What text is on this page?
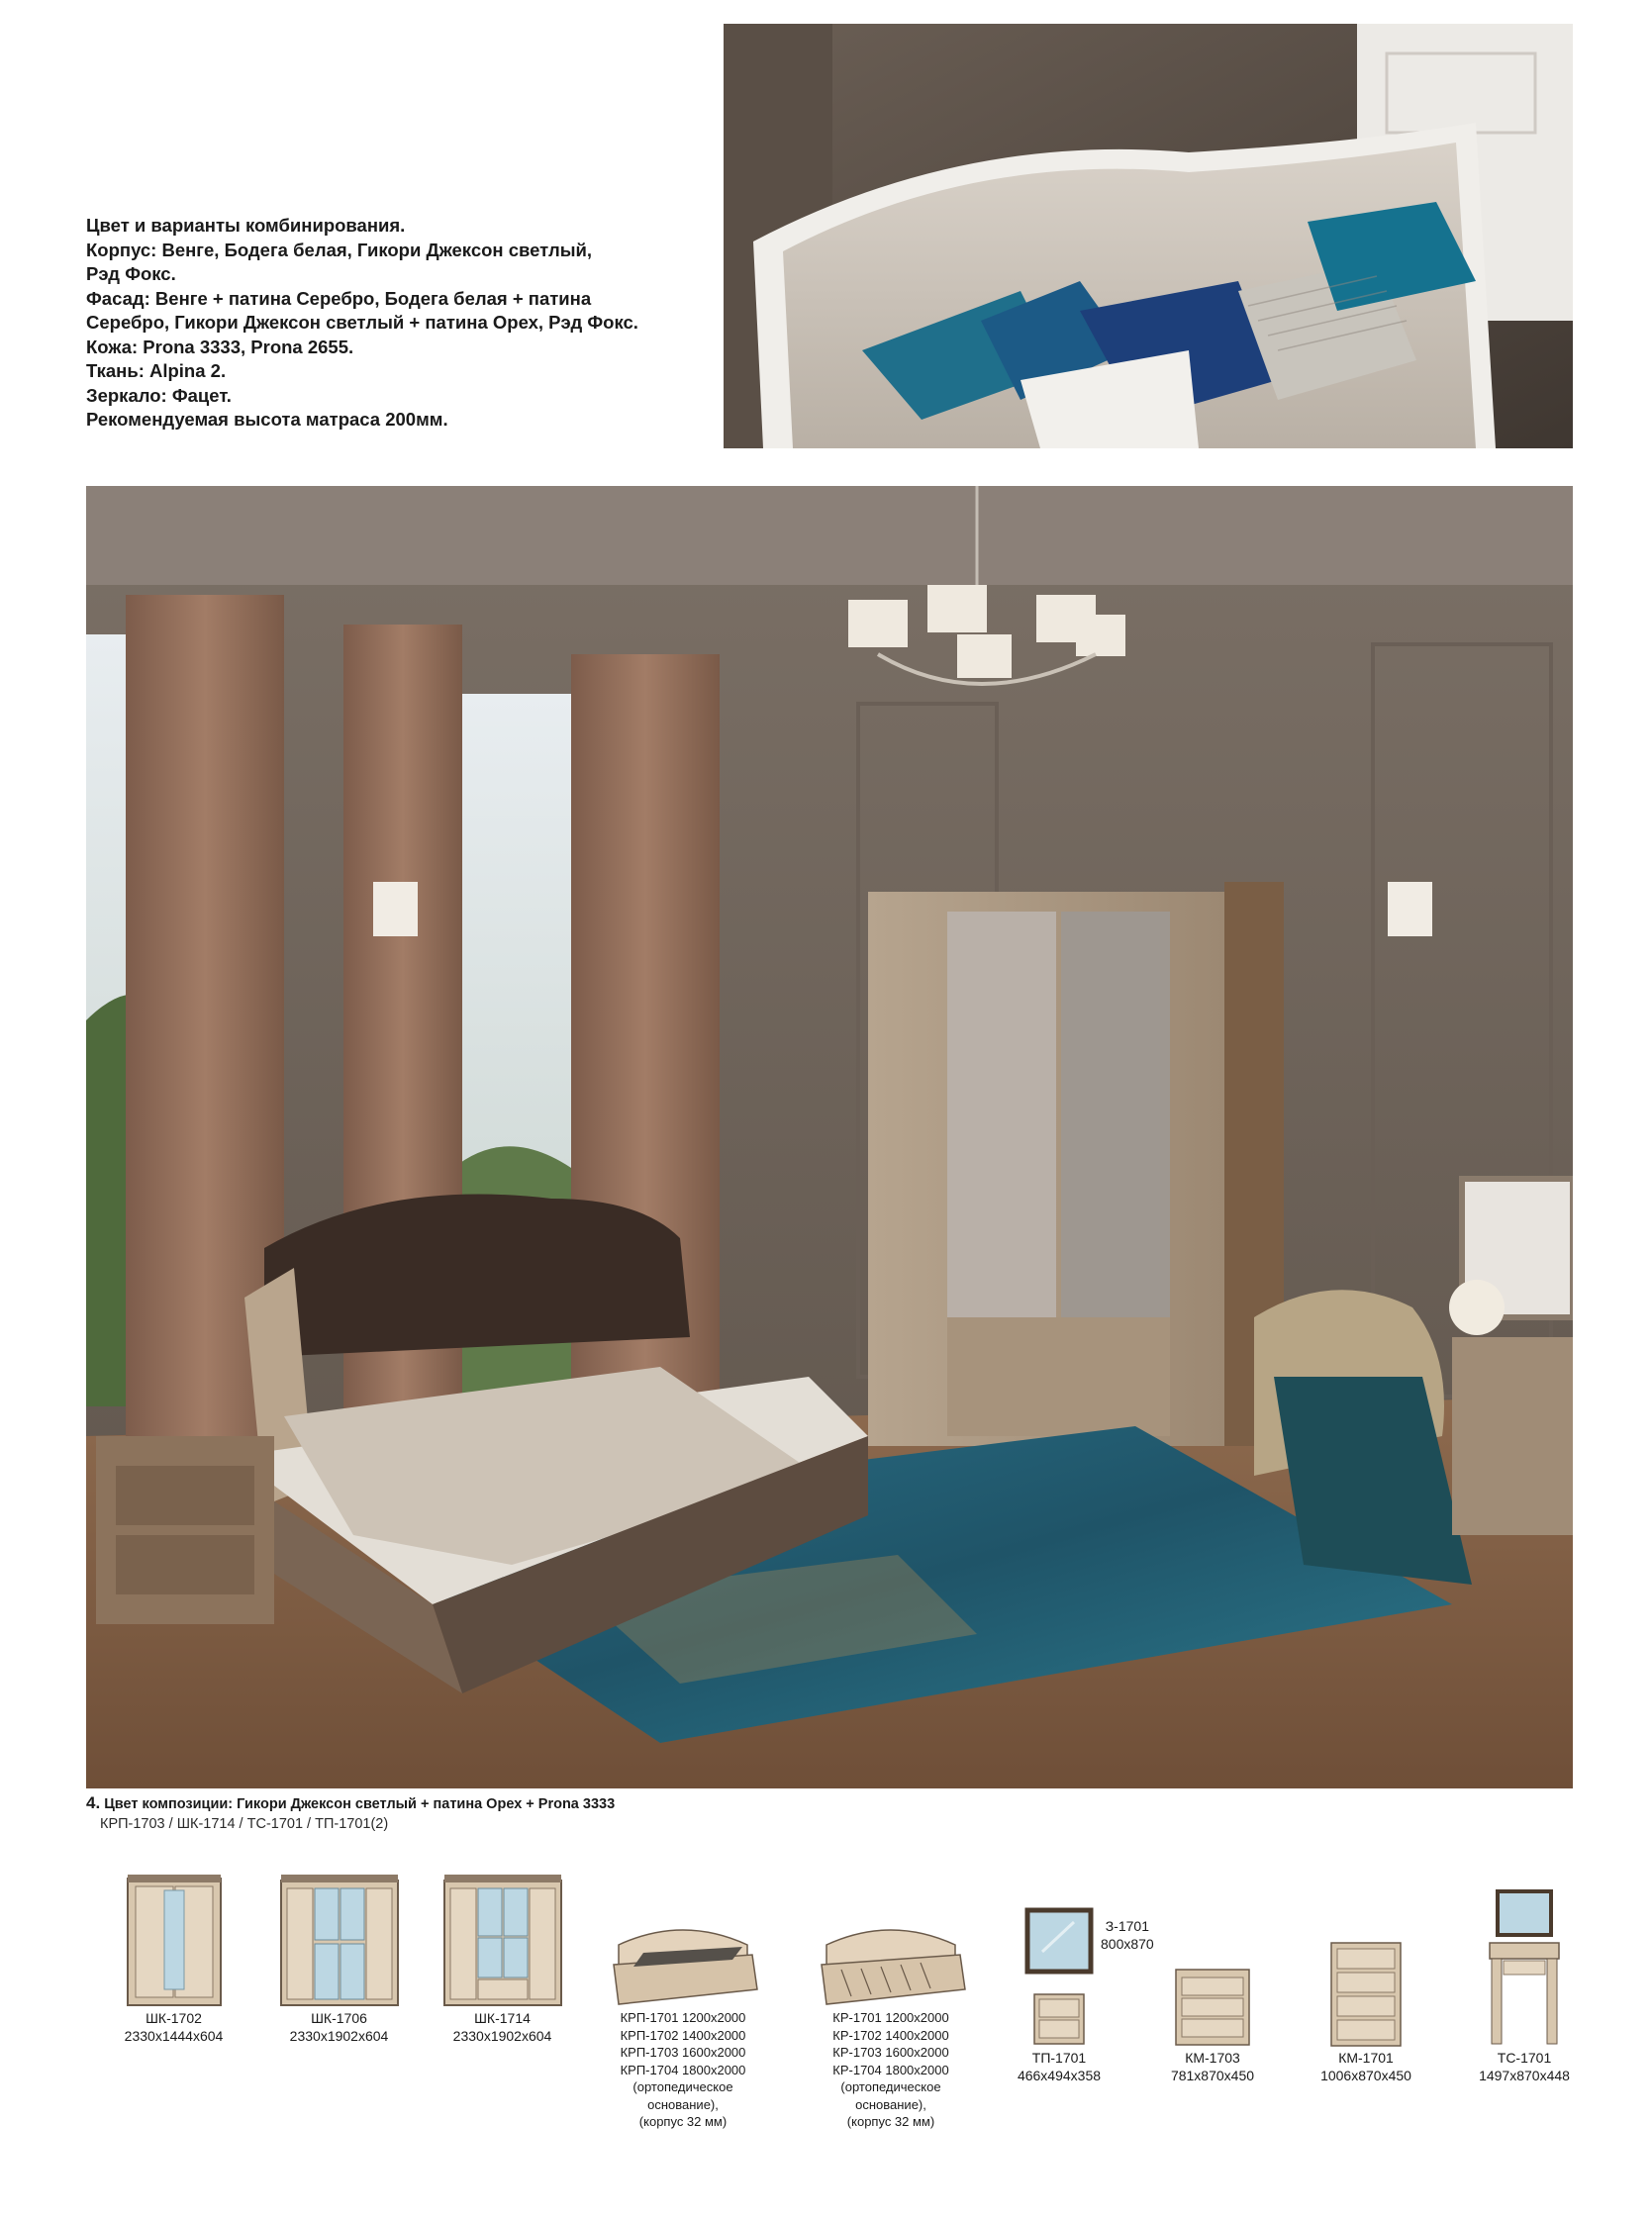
Цвет и варианты комбинирования.
Корпус: Венге, Бодега белая, Гикори Джексон светлый,
Рэд Фокс.
Фасад: Венге + патина Серебро, Бодега белая + патина
Серебро, Гикори Джексон светлый + патина Орех, Рэд Фокс.
Кожа: Prona 3333, Prona 2655.
Ткань: Alpina 2.
Зеркало: Фацет.
Рекомендуемая высота матраса 200мм.
4. Цвет композиции: Гикори Джексон светлый + патина Орех + Prona 3333
КРП-1703 / ШК-1714 / ТС-1701 / ТП-1701(2)
ШК-1702
2330x1444x604
ШК-1706
2330x1902x604
ШК-1714
2330x1902x604
КРП-1701 1200x2000
КРП-1702 1400x2000
КРП-1703 1600x2000
КРП-1704 1800x2000
(ортопедическое
основание),
(корпус 32 мм)
КР-1701 1200x2000
КР-1702 1400x2000
КР-1703 1600x2000
КР-1704 1800x2000
(ортопедическое
основание),
(корпус 32 мм)
З-1701
800x870
ТП-1701
466x494x358
КМ-1703
781x870x450
КМ-1701
1006x870x450
ТС-1701
1497x870x448
